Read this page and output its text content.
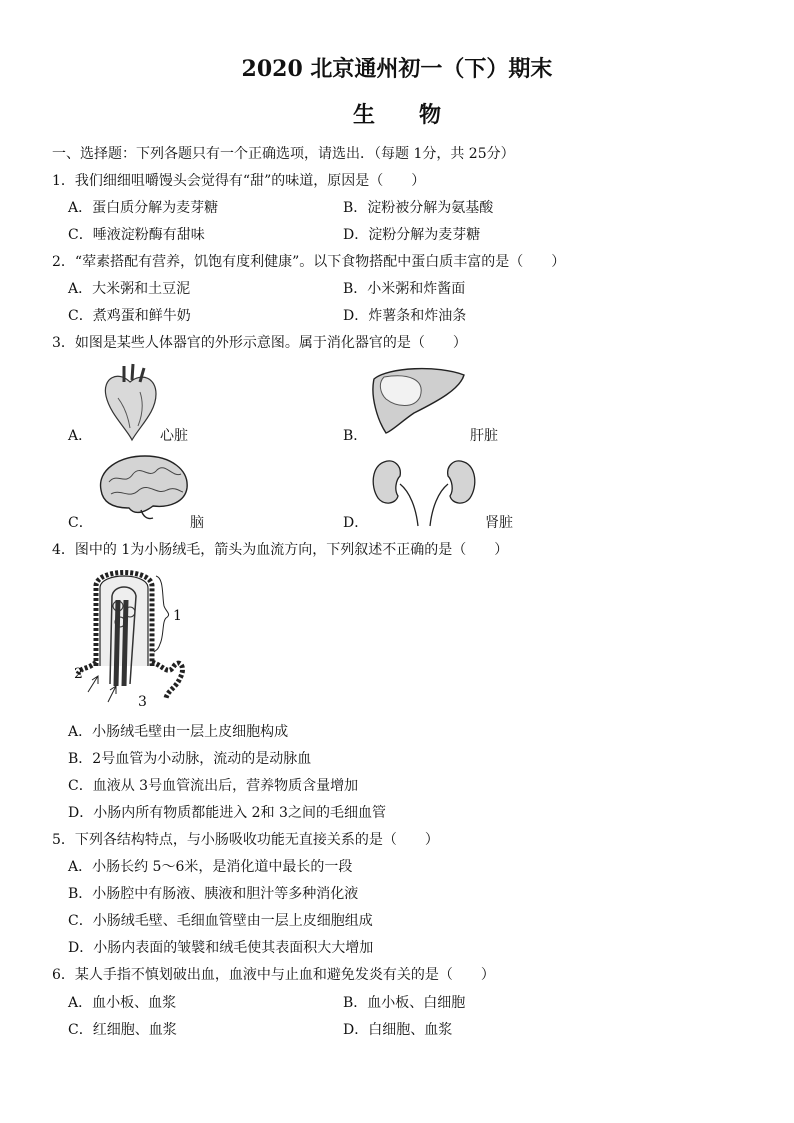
2020 北京通州初一（下）期末
生　　物
一、选择题：下列各题只有一个正确选项，请选出．（每题 1分，共 25分）
1．我们细细咀嚼馒头会觉得有“甜”的味道，原因是（　　）
A．蛋白质分解为麦芽糖	B．淀粉被分解为氨基酸
C．唾液淀粉酶有甜味	D．淀粉分解为麦芽糖
2．“荤素搭配有营养，饥饱有度利健康”。以下食物搭配中蛋白质丰富的是（　　）
A．大米粥和土豆泥	B．小米粥和炸酱面
C．煮鸡蛋和鲜牛奶	D．炸薯条和炸油条
3．如图是某些人体器官的外形示意图。属于消化器官的是（　　）
A．	心脏	B．	肝脏
C．	脑	D．	肾脏
4．图中的 1为小肠绒毛，箭头为血流方向，下列叙述不正确的是（　　）
1
2
3
A．小肠绒毛壁由一层上皮细胞构成
B．2号血管为小动脉，流动的是动脉血
C．血液从 3号血管流出后，营养物质含量增加
D．小肠内所有物质都能进入 2和 3之间的毛细血管
5．下列各结构特点，与小肠吸收功能无直接关系的是（　　）
A．小肠长约 5～6米，是消化道中最长的一段
B．小肠腔中有肠液、胰液和胆汁等多种消化液
C．小肠绒毛壁、毛细血管壁由一层上皮细胞组成
D．小肠内表面的皱襞和绒毛使其表面积大大增加
6．某人手指不慎划破出血，血液中与止血和避免发炎有关的是（　　）
A．血小板、血浆	B．血小板、白细胞
C．红细胞、血浆	D．白细胞、血浆
